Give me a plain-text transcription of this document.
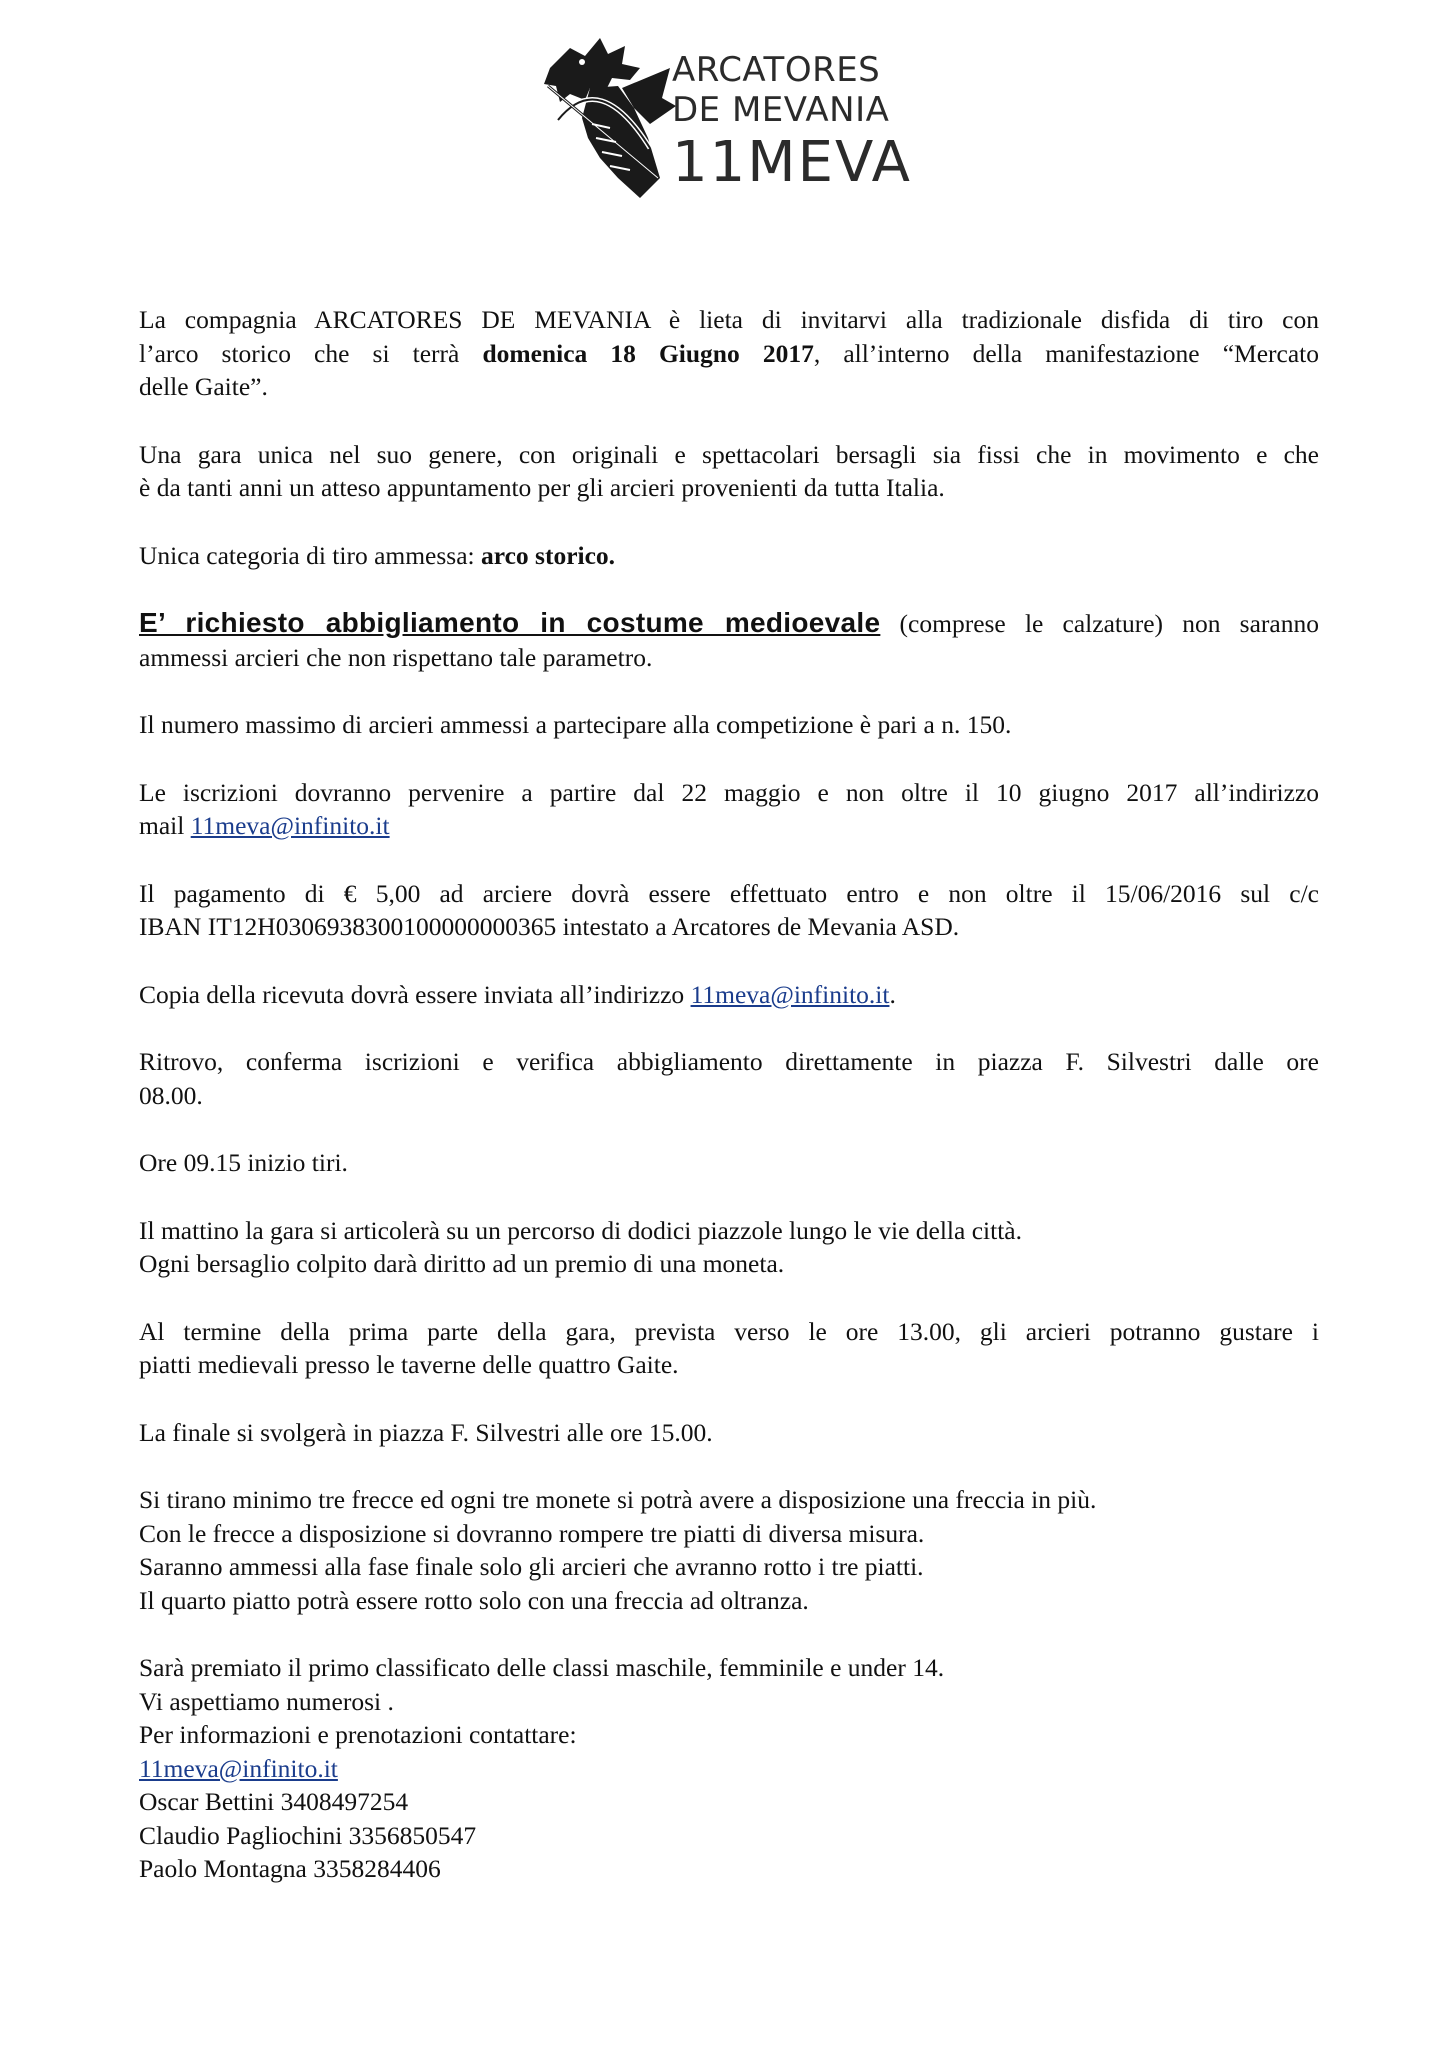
ARCATORES
DE MEVANIA
11MEVA
La compagnia ARCATORES DE MEVANIA è lieta di invitarvi alla tradizionale disfida di tiro con
l’arco storico che si terrà domenica 18 Giugno 2017, all’interno della manifestazione “Mercato
delle Gaite”.
Una gara unica nel suo genere, con originali e spettacolari bersagli sia fissi che in movimento e che
è da tanti anni un atteso appuntamento per gli arcieri provenienti da tutta Italia.
Unica categoria di tiro ammessa: arco storico.
E’ richiesto abbigliamento in costume medioevale (comprese le calzature) non saranno
ammessi arcieri che non rispettano tale parametro.
Il numero massimo di arcieri ammessi a partecipare alla competizione è pari a n. 150.
Le iscrizioni dovranno pervenire a partire dal 22 maggio e non oltre il 10 giugno 2017 all’indirizzo
mail 11meva@infinito.it
Il pagamento di € 5,00 ad arciere dovrà essere effettuato entro e non oltre il 15/06/2016 sul c/c
IBAN IT12H0306938300100000000365 intestato a Arcatores de Mevania ASD.
Copia della ricevuta dovrà essere inviata all’indirizzo 11meva@infinito.it.
Ritrovo, conferma iscrizioni e verifica abbigliamento direttamente in piazza F. Silvestri dalle ore
08.00.
Ore 09.15 inizio tiri.
Il mattino la gara si articolerà su un percorso di dodici piazzole lungo le vie della città.
Ogni bersaglio colpito darà diritto ad un premio di una moneta.
Al termine della prima parte della gara, prevista verso le ore 13.00, gli arcieri potranno gustare i
piatti medievali presso le taverne delle quattro Gaite.
La finale si svolgerà in piazza F. Silvestri alle ore 15.00.
Si tirano minimo tre frecce ed ogni tre monete si potrà avere a disposizione una freccia in più.
Con le frecce a disposizione si dovranno rompere tre piatti di diversa misura.
Saranno ammessi alla fase finale solo gli arcieri che avranno rotto i tre piatti.
Il quarto piatto potrà essere rotto solo con una freccia ad oltranza.
Sarà premiato il primo classificato delle classi maschile, femminile e under 14.
Vi aspettiamo numerosi .
Per informazioni e prenotazioni contattare:
11meva@infinito.it
Oscar Bettini 3408497254
Claudio Pagliochini 3356850547
Paolo Montagna 3358284406
